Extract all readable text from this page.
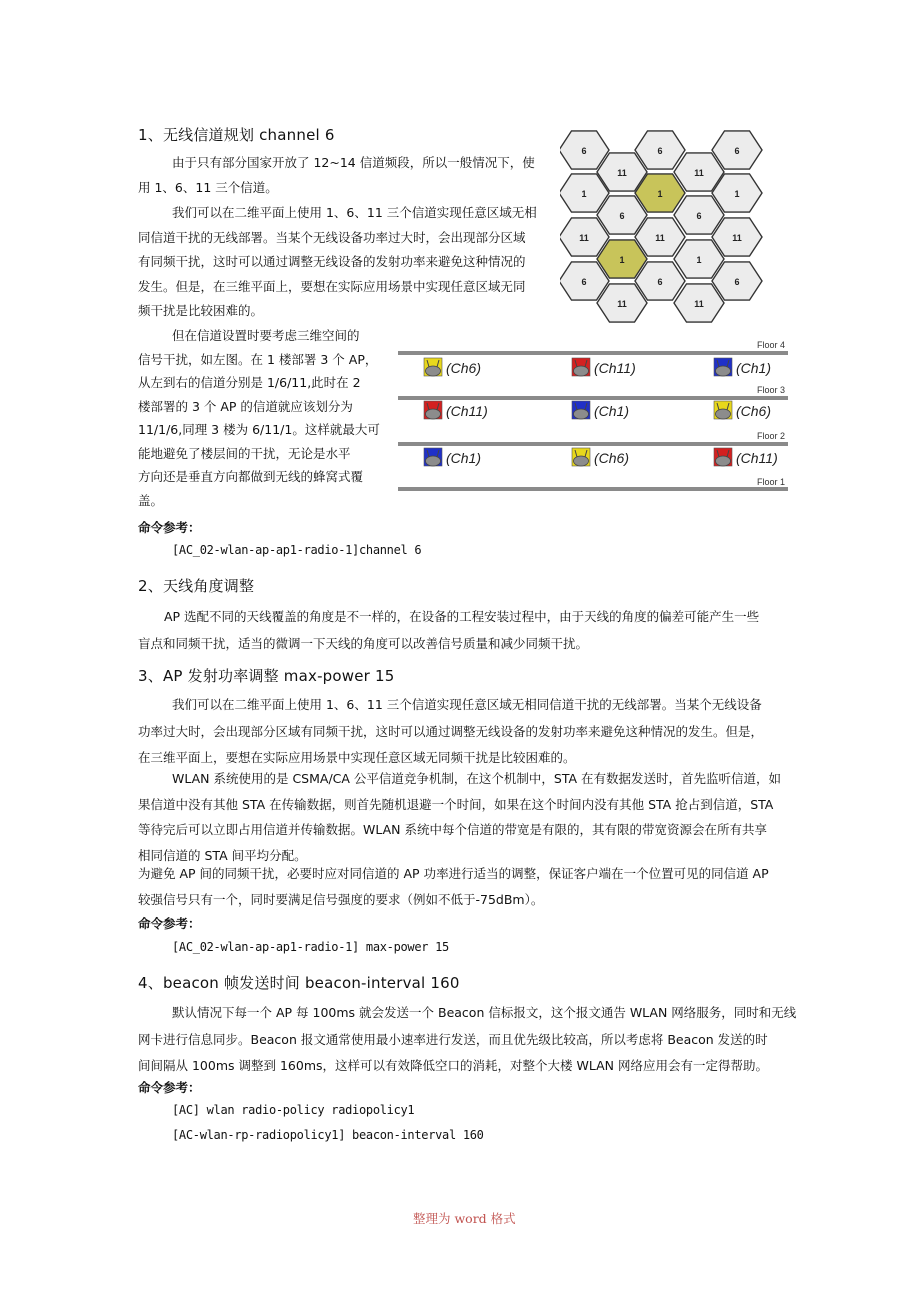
1、无线信道规划 channel 6
由于只有部分国家开放了 12~14 信道频段，所以一般情况下，使
用 1、6、11 三个信道。
我们可以在二维平面上使用 1、6、11 三个信道实现任意区域无相
同信道干扰的无线部署。当某个无线设备功率过大时，会出现部分区域
有同频干扰，这时可以通过调整无线设备的发射功率来避免这种情况的
发生。但是，在三维平面上，要想在实际应用场景中实现任意区域无同
频干扰是比较困难的。
但在信道设置时要考虑三维空间的
信号干扰，如左图。在 1 楼部署 3 个 AP，
从左到右的信道分别是 1/6/11,此时在 2
楼部署的 3 个 AP 的信道就应该划分为
11/1/6,同理 3 楼为 6/11/1。这样就最大可
能地避免了楼层间的干扰，无论是水平
方向还是垂直方向都做到无线的蜂窝式覆
盖。
命令参考：
[AC_02-wlan-ap-ap1-radio-1]channel 6
6	6	6
11	11
1	1	1
6	6
11	11	11
1	1
6	6	6
11	11
Floor 4
Floor 3
Floor 2
Floor 1
(Ch6)	(Ch11)	(Ch1)
(Ch11)	(Ch1)	(Ch6)
(Ch1)	(Ch6)	(Ch11)
2、天线角度调整
AP 选配不同的天线覆盖的角度是不一样的，在设备的工程安装过程中，由于天线的角度的偏差可能产生一些
盲点和同频干扰，适当的微调一下天线的角度可以改善信号质量和减少同频干扰。
3、AP 发射功率调整 max-power 15
我们可以在二维平面上使用 1、6、11 三个信道实现任意区域无相同信道干扰的无线部署。当某个无线设备
功率过大时，会出现部分区域有同频干扰，这时可以通过调整无线设备的发射功率来避免这种情况的发生。但是，
在三维平面上，要想在实际应用场景中实现任意区域无同频干扰是比较困难的。
WLAN 系统使用的是 CSMA/CA 公平信道竞争机制，在这个机制中，STA 在有数据发送时，首先监听信道，如
果信道中没有其他 STA 在传输数据，则首先随机退避一个时间，如果在这个时间内没有其他 STA 抢占到信道，STA
等待完后可以立即占用信道并传输数据。WLAN 系统中每个信道的带宽是有限的，其有限的带宽资源会在所有共享
相同信道的 STA 间平均分配。
为避免 AP 间的同频干扰，必要时应对同信道的 AP 功率进行适当的调整，保证客户端在一个位置可见的同信道 AP
较强信号只有一个，同时要满足信号强度的要求（例如不低于-75dBm）。
命令参考：
[AC_02-wlan-ap-ap1-radio-1] max-power 15
4、beacon 帧发送时间 beacon-interval 160
默认情况下每一个 AP 每 100ms 就会发送一个 Beacon 信标报文，这个报文通告 WLAN 网络服务，同时和无线
网卡进行信息同步。Beacon 报文通常使用最小速率进行发送，而且优先级比较高，所以考虑将 Beacon 发送的时
间间隔从 100ms 调整到 160ms，这样可以有效降低空口的消耗，对整个大楼 WLAN 网络应用会有一定得帮助。
命令参考：
[AC] wlan radio-policy radiopolicy1
[AC-wlan-rp-radiopolicy1] beacon-interval 160
整理为 word 格式
